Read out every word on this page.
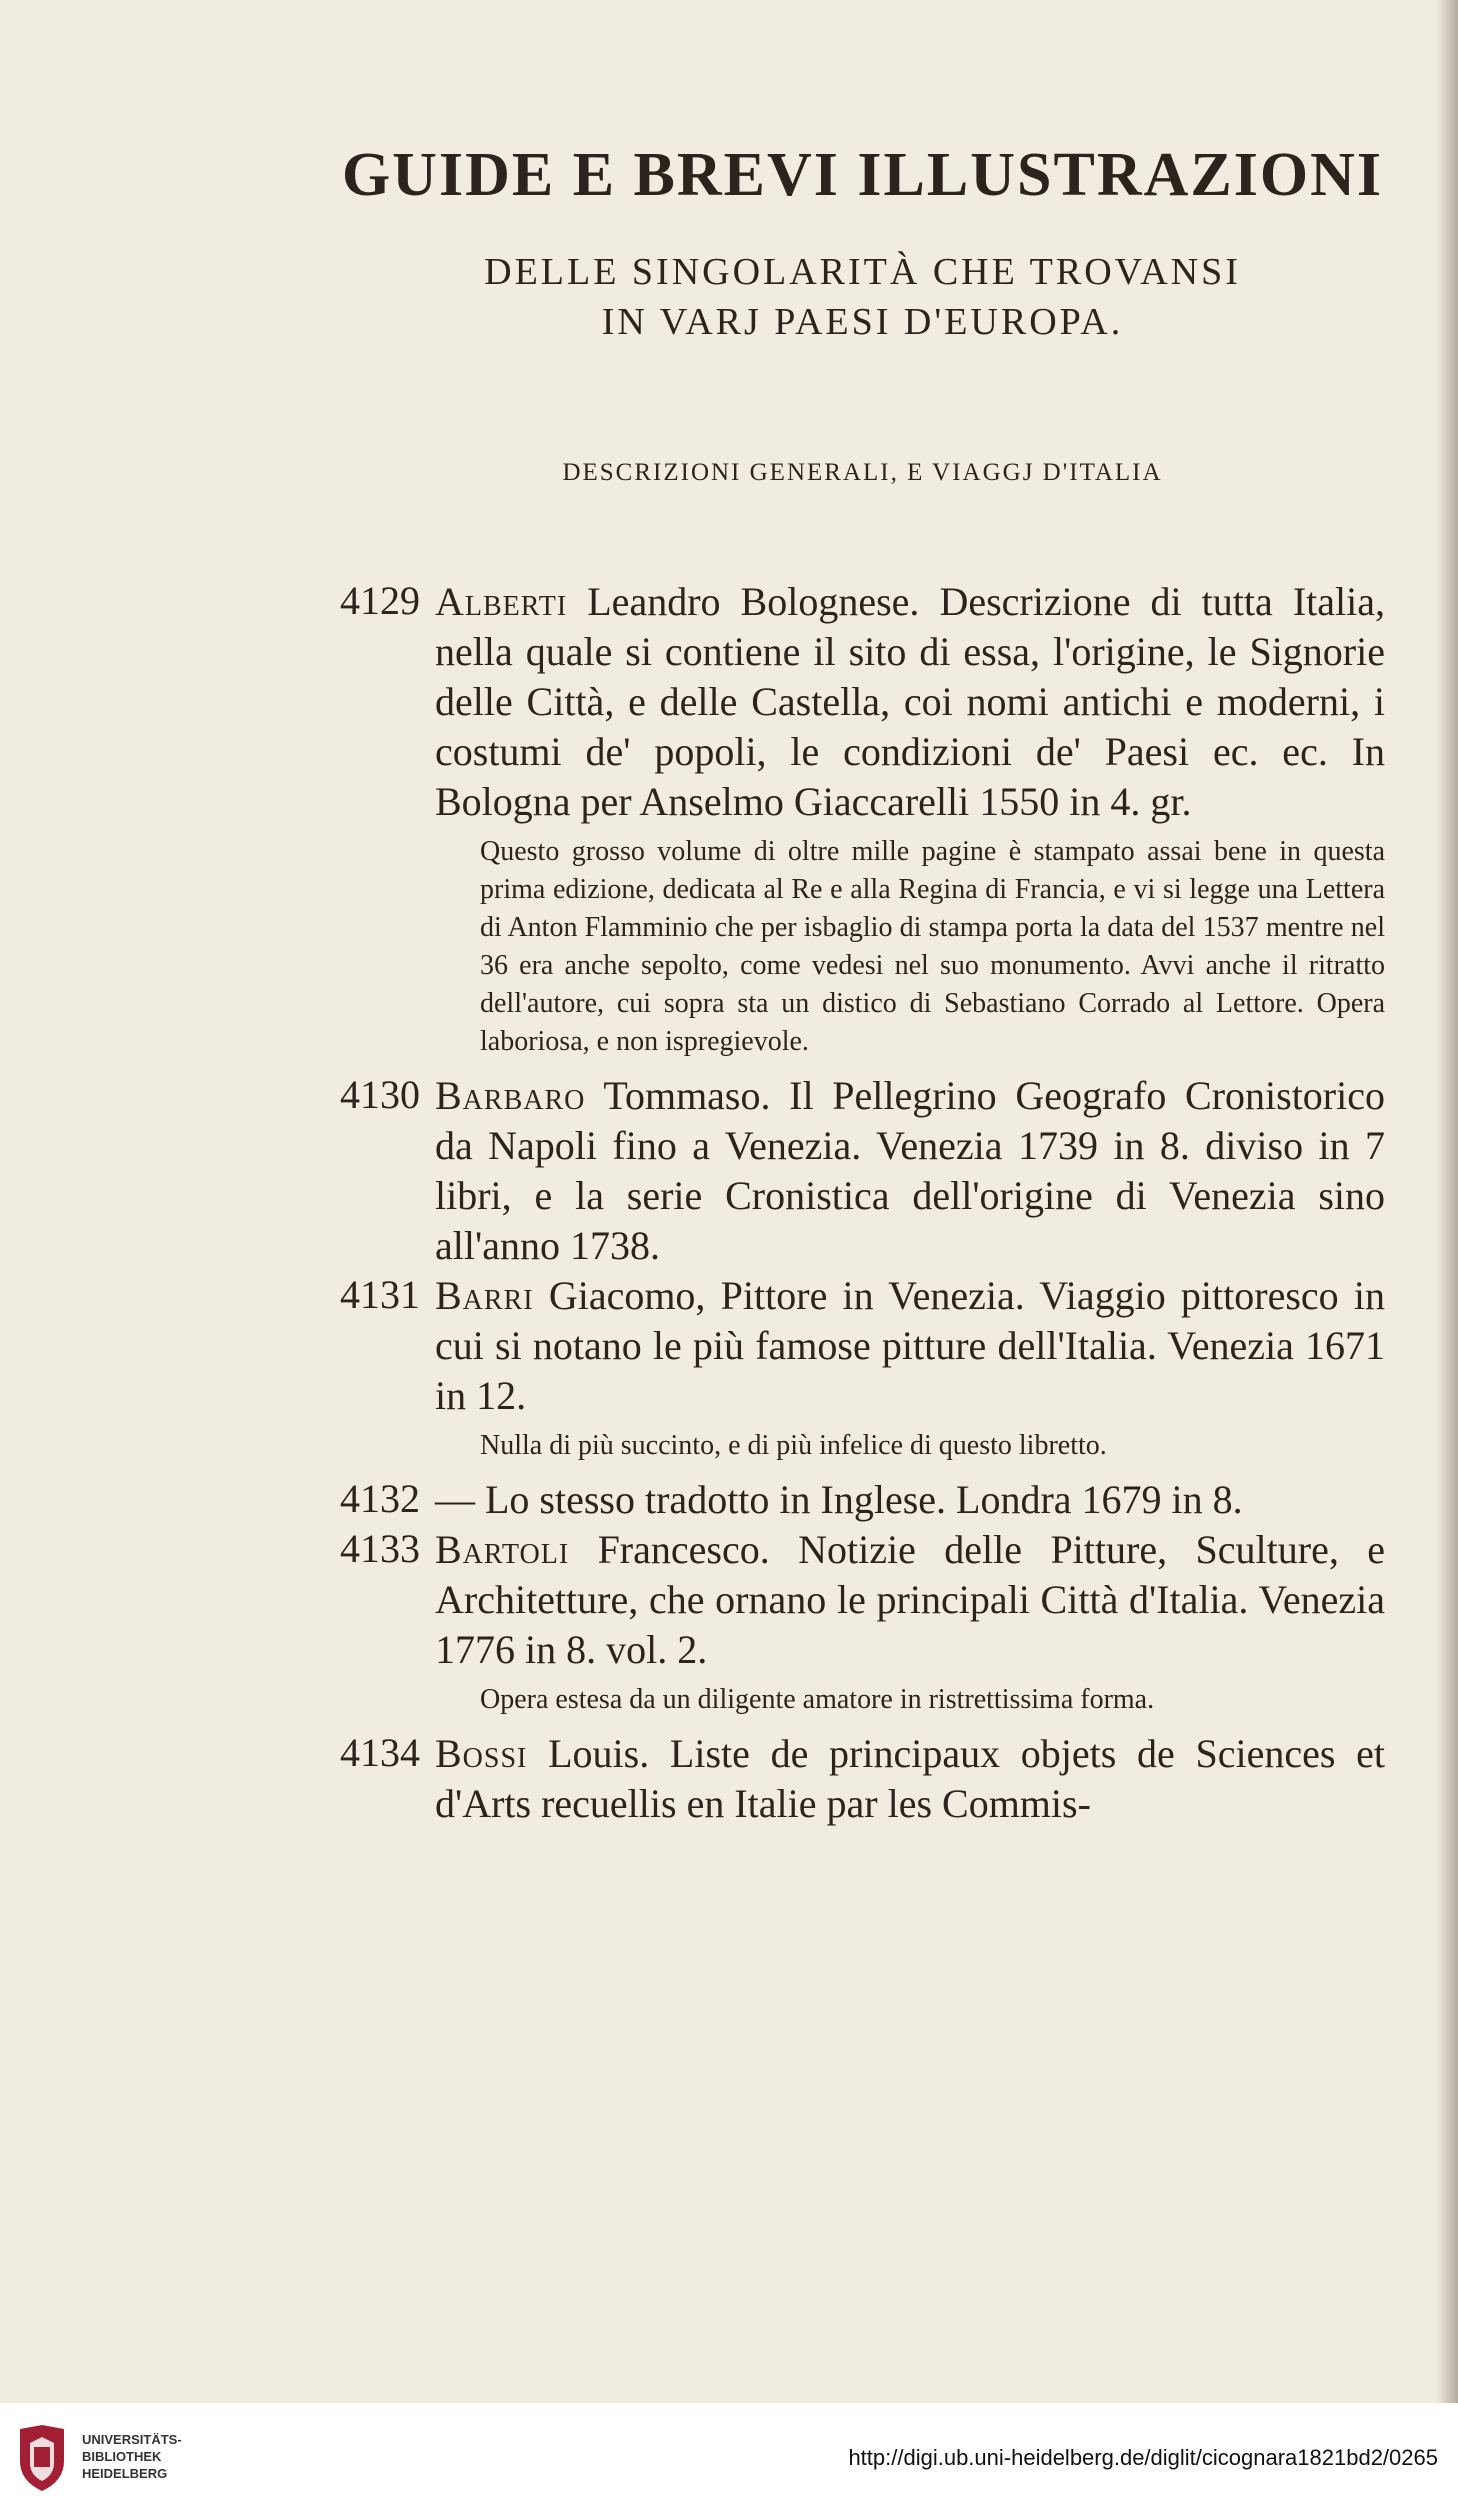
GUIDE E BREVI ILLUSTRAZIONI
DELLE SINGOLARITÀ CHE TROVANSI
IN VARJ PAESI D'EUROPA.
DESCRIZIONI GENERALI, E VIAGGJ D'ITALIA
4129 Alberti Leandro Bolognese. Descrizione di tutta Italia, nella quale si contiene il sito di essa, l'origine, le Signorie delle Città, e delle Castella, coi nomi antichi e moderni, i costumi de' popoli, le condizioni de' Paesi ec. ec. In Bologna per Anselmo Giaccarelli 1550 in 4. gr.
Questo grosso volume di oltre mille pagine è stampato assai bene in questa prima edizione, dedicata al Re e alla Regina di Francia, e vi si legge una Lettera di Anton Flamminio che per isbaglio di stampa porta la data del 1537 mentre nel 36 era anche sepolto, come vedesi nel suo monumento. Avvi anche il ritratto dell'autore, cui sopra sta un distico di Sebastiano Corrado al Lettore. Opera laboriosa, e non ispregievole.
4130 Barbaro Tommaso. Il Pellegrino Geografo Cronistorico da Napoli fino a Venezia. Venezia 1739 in 8. diviso in 7 libri, e la serie Cronistica dell'origine di Venezia sino all'anno 1738.
4131 Barri Giacomo, Pittore in Venezia. Viaggio pittoresco in cui si notano le più famose pitture dell'Italia. Venezia 1671 in 12.
Nulla di più succinto, e di più infelice di questo libretto.
4132 — Lo stesso tradotto in Inglese. Londra 1679 in 8.
4133 Bartoli Francesco. Notizie delle Pitture, Sculture, e Architetture, che ornano le principali Città d'Italia. Venezia 1776 in 8. vol. 2.
Opera estesa da un diligente amatore in ristrettissima forma.
4134 Bossi Louis. Liste de principaux objets de Sciences et d'Arts recuellis en Italie par les Commis-
UNIVERSITÄTS-
BIBLIOTHEK
HEIDELBERG
http://digi.ub.uni-heidelberg.de/diglit/cicognara1821bd2/0265
